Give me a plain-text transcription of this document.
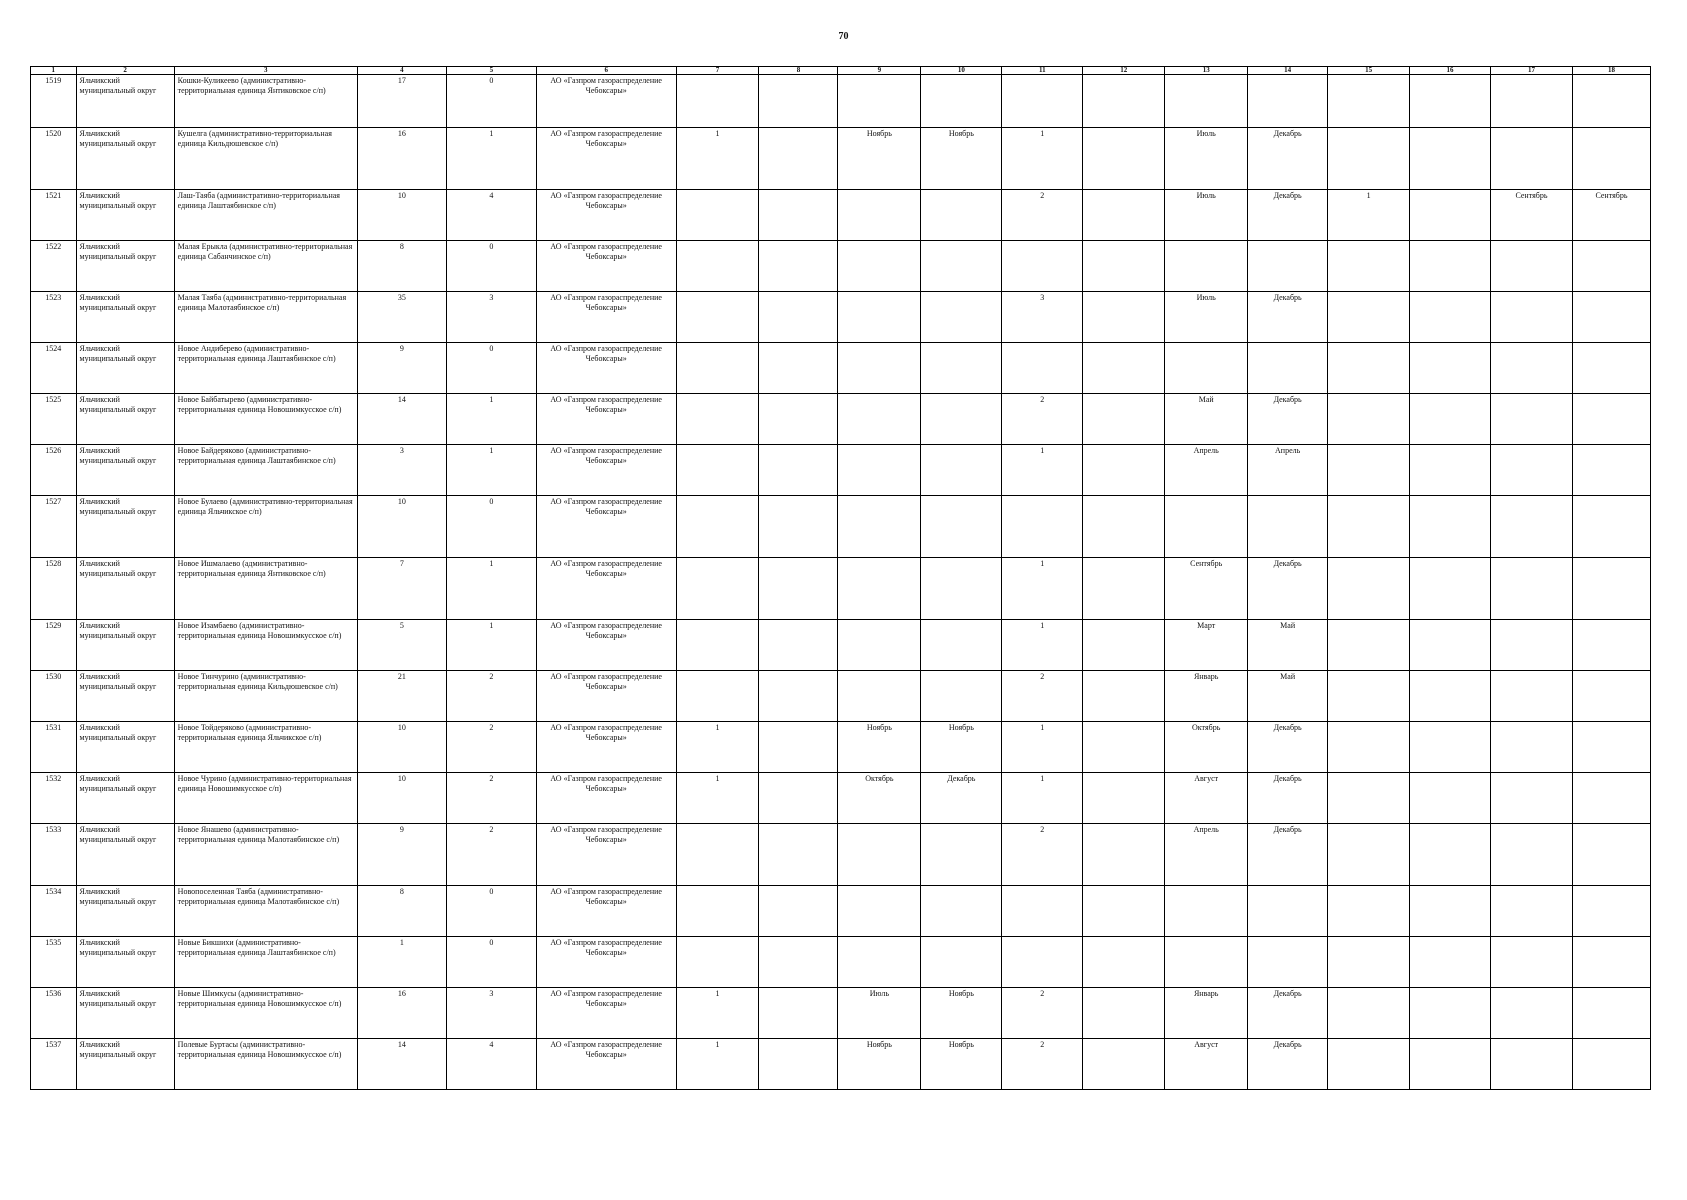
70
1	2	3	4	5	6	7	8	9	10	11	12	13	14	15	16	17	18
1519	Яльчикский муниципальный округ	Кошки-Куликеево (административно-территориальная единица Янтиковское с/п)	17	0	АО «Газпром газораспределение Чебоксары»												
1520	Яльчикский муниципальный округ	Кушелга (административно-территориальная единица Кильдюшевское с/п)	16	1	АО «Газпром газораспределение Чебоксары»	1		Ноябрь	Ноябрь	1		Июль	Декабрь				
1521	Яльчикский муниципальный округ	Лаш-Таяба (административно-территориальная единица Лаштаябинское с/п)	10	4	АО «Газпром газораспределение Чебоксары»					2		Июль	Декабрь	1		Сентябрь	Сентябрь
1522	Яльчикский муниципальный округ	Малая Ерыкла (административно-территориальная единица Сабанчинское с/п)	8	0	АО «Газпром газораспределение Чебоксары»												
1523	Яльчикский муниципальный округ	Малая Таяба (административно-территориальная единица Малотаябинское с/п)	35	3	АО «Газпром газораспределение Чебоксары»					3		Июль	Декабрь				
1524	Яльчикский муниципальный округ	Новое Андиберево (административно-территориальная единица Лаштаябинское с/п)	9	0	АО «Газпром газораспределение Чебоксары»												
1525	Яльчикский муниципальный округ	Новое Байбатырево (административно-территориальная единица Новошимкусское с/п)	14	1	АО «Газпром газораспределение Чебоксары»					2		Май	Декабрь				
1526	Яльчикский муниципальный округ	Новое Байдеряково (административно-территориальная единица Лаштаябинское с/п)	3	1	АО «Газпром газораспределение Чебоксары»					1		Апрель	Апрель				
1527	Яльчикский муниципальный округ	Новое Булаево (административно-территориальная единица Яльчикское с/п)	10	0	АО «Газпром газораспределение Чебоксары»												
1528	Яльчикский муниципальный округ	Новое Ишмалаево (административно-территориальная единица Янтиковское с/п)	7	1	АО «Газпром газораспределение Чебоксары»					1		Сентябрь	Декабрь				
1529	Яльчикский муниципальный округ	Новое Изамбаево (административно-территориальная единица Новошимкусское с/п)	5	1	АО «Газпром газораспределение Чебоксары»					1		Март	Май				
1530	Яльчикский муниципальный округ	Новое Тинчурино (административно-территориальная единица Кильдюшевское с/п)	21	2	АО «Газпром газораспределение Чебоксары»					2		Январь	Май				
1531	Яльчикский муниципальный округ	Новое Тойдеряково (административно-территориальная единица Яльчикское с/п)	10	2	АО «Газпром газораспределение Чебоксары»	1		Ноябрь	Ноябрь	1		Октябрь	Декабрь				
1532	Яльчикский муниципальный округ	Новое Чурино (административно-территориальная единица Новошимкусское с/п)	10	2	АО «Газпром газораспределение Чебоксары»	1		Октябрь	Декабрь	1		Август	Декабрь				
1533	Яльчикский муниципальный округ	Новое Янашево (административно-территориальная единица Малотаябинское с/п)	9	2	АО «Газпром газораспределение Чебоксары»					2		Апрель	Декабрь				
1534	Яльчикский муниципальный округ	Новопоселенная Таяба (административно-территориальная единица Малотаябинское с/п)	8	0	АО «Газпром газораспределение Чебоксары»												
1535	Яльчикский муниципальный округ	Новые Бикшихи (административно-территориальная единица Лаштаябинское с/п)	1	0	АО «Газпром газораспределение Чебоксары»												
1536	Яльчикский муниципальный округ	Новые Шимкусы (административно-территориальная единица Новошимкусское с/п)	16	3	АО «Газпром газораспределение Чебоксары»	1		Июль	Ноябрь	2		Январь	Декабрь				
1537	Яльчикский муниципальный округ	Полевые Буртасы (административно-территориальная единица Новошимкусское с/п)	14	4	АО «Газпром газораспределение Чебоксары»	1		Ноябрь	Ноябрь	2		Август	Декабрь				
